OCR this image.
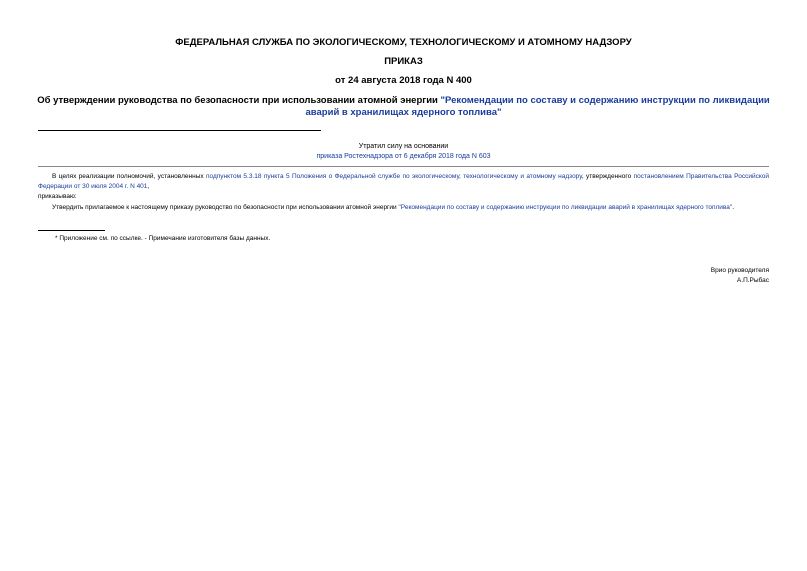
ФЕДЕРАЛЬНАЯ СЛУЖБА ПО ЭКОЛОГИЧЕСКОМУ, ТЕХНОЛОГИЧЕСКОМУ И АТОМНОМУ НАДЗОРУ
ПРИКАЗ
от 24 августа 2018 года N 400
Об утверждении руководства по безопасности при использовании атомной энергии "Рекомендации по составу и содержанию инструкции по ликвидации аварий в хранилищах ядерного топлива"
Утратил силу на основании
приказа Ростехнадзора от 6 декабря 2018 года N 603
В целях реализации полномочий, установленных подпунктом 5.3.18 пункта 5 Положения о Федеральной службе по экологическому, технологическому и атомному надзору, утвержденного постановлением Правительства Российской Федерации от 30 июля 2004 г. N 401,
приказываю:
Утвердить прилагаемое к настоящему приказу руководство по безопасности при использовании атомной энергии "Рекомендации по составу и содержанию инструкции по ликвидации аварий в хранилищах ядерного топлива".
* Приложение см. по ссылке. - Примечание изготовителя базы данных.
Врио руководителя
А.П.Рыбас
